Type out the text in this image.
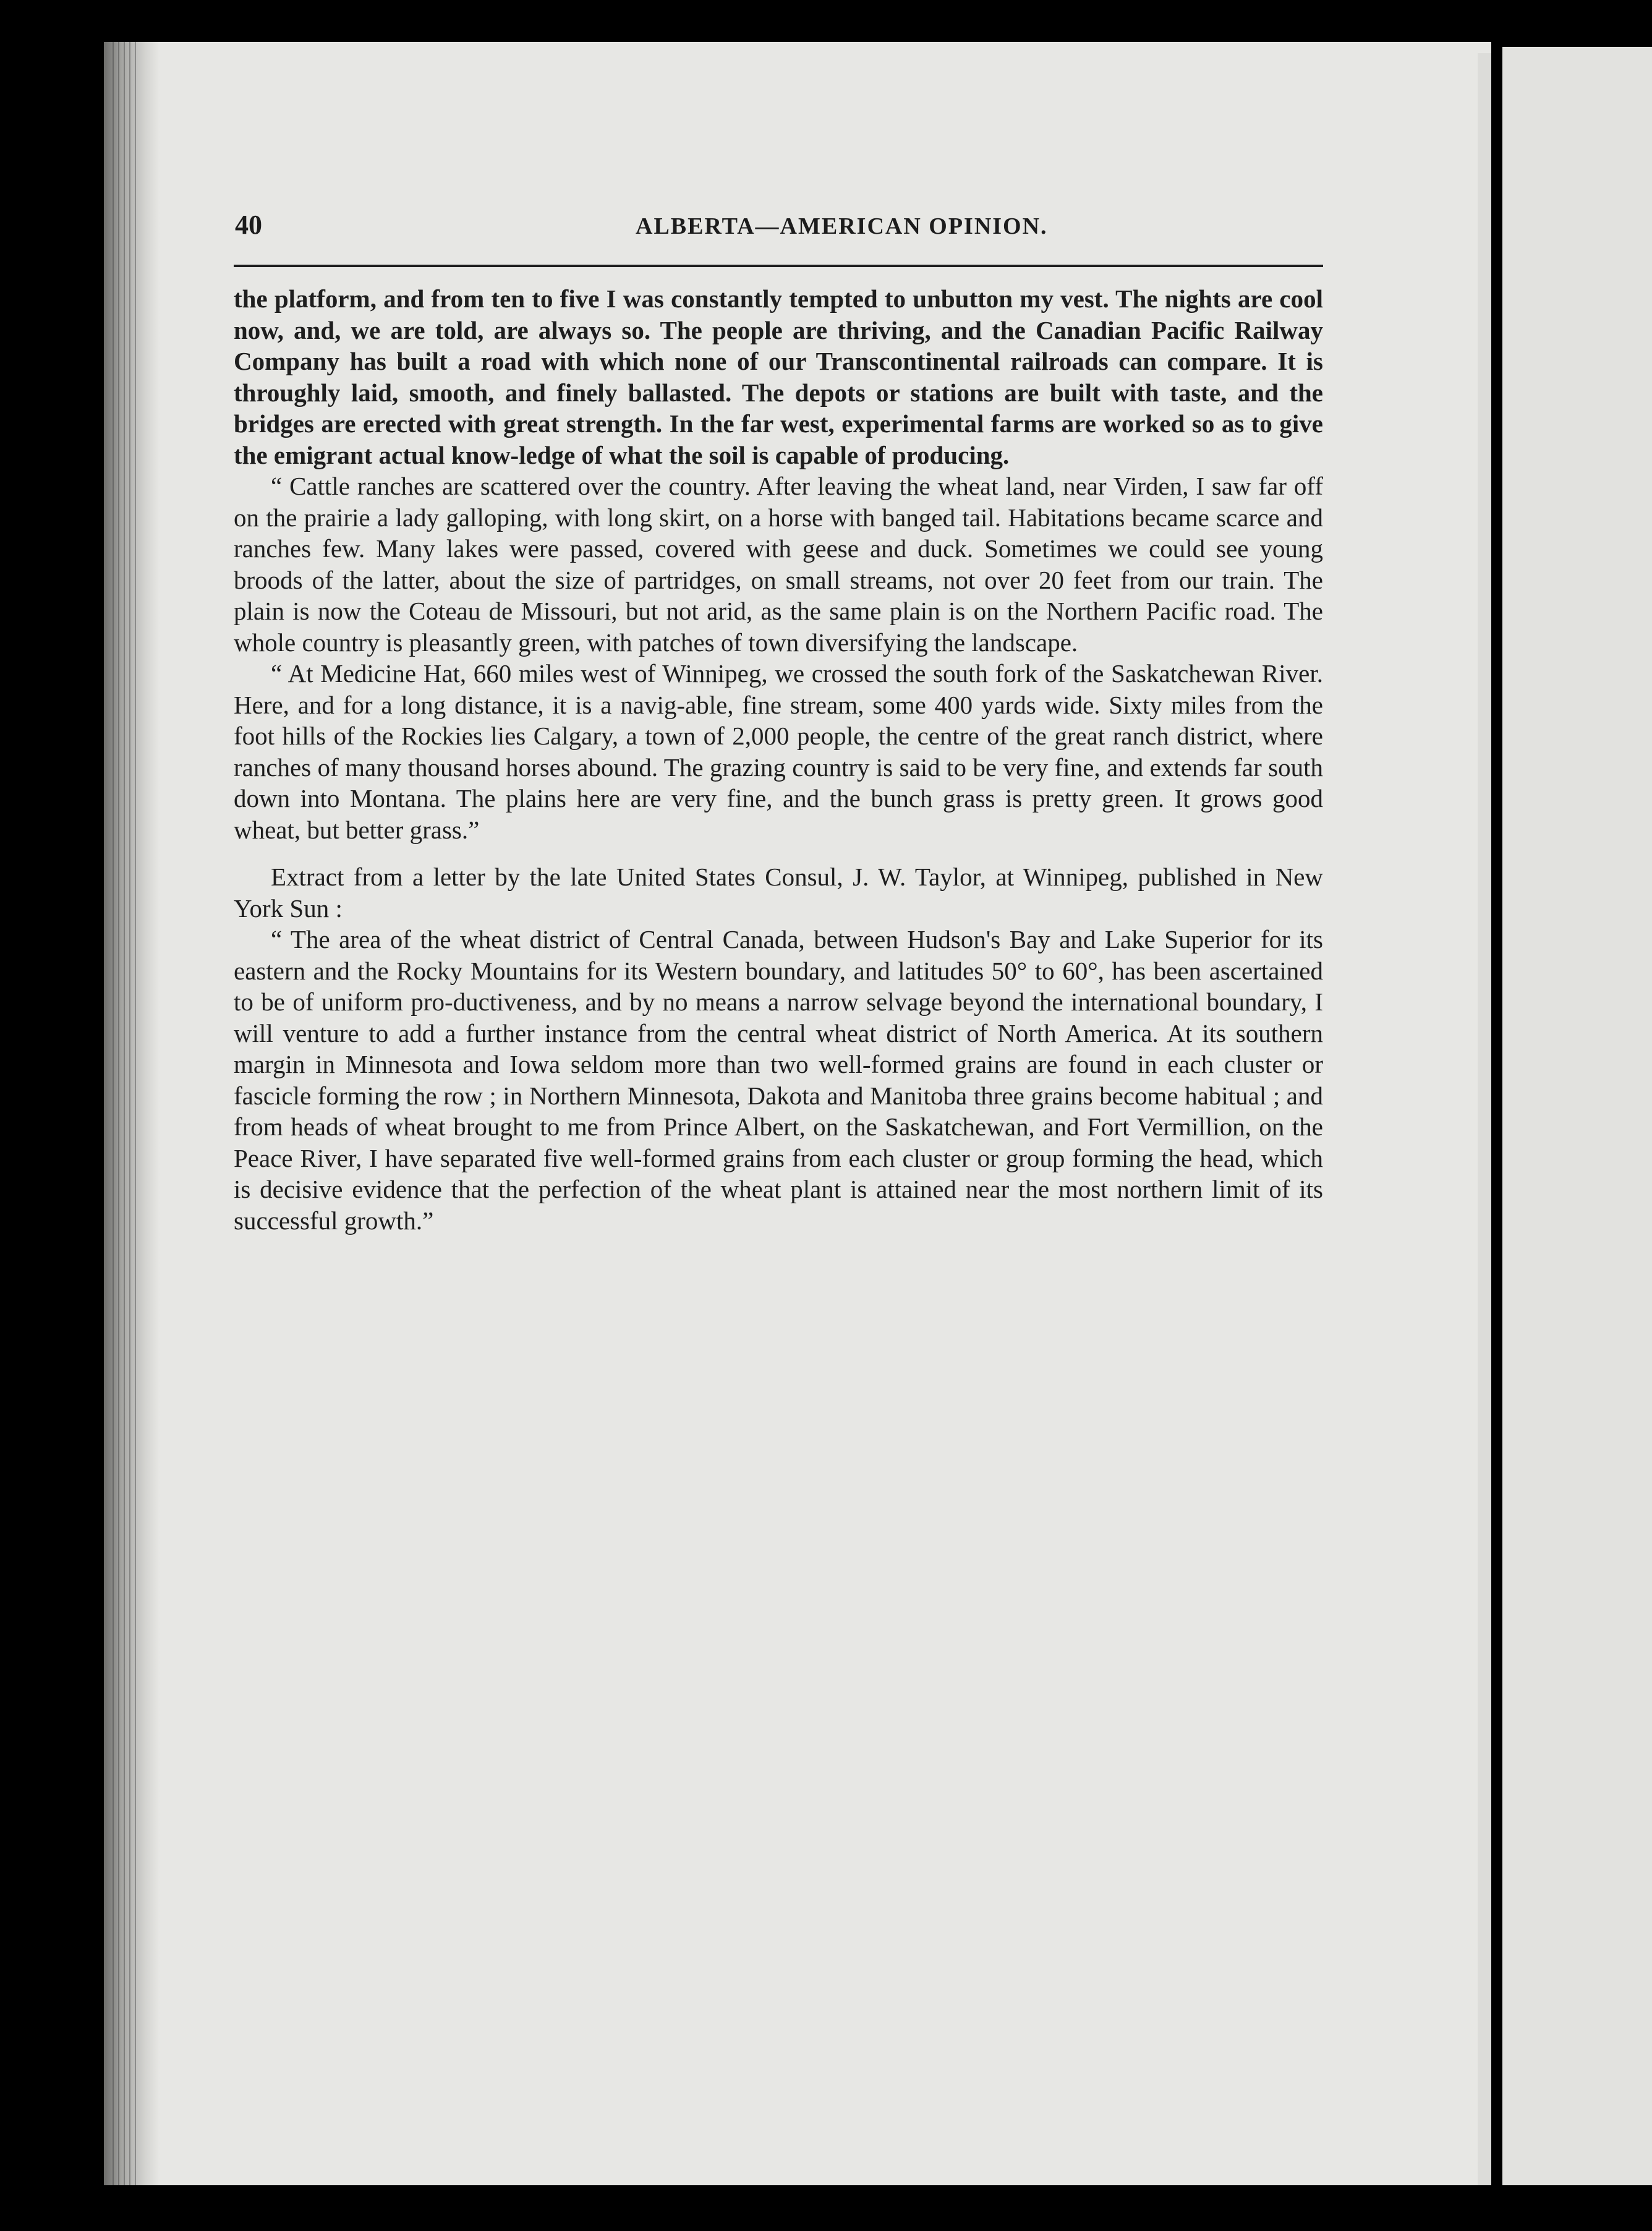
40	ALBERTA—AMERICAN OPINION.

the platform, and from ten to five I was constantly tempted to unbutton my vest. The nights are cool now, and, we are told, are always so. The people are thriving, and the Canadian Pacific Railway Company has built a road with which none of our Transcontinental railroads can compare. It is throughly laid, smooth, and finely ballasted. The depots or stations are built with taste, and the bridges are erected with great strength. In the far west, experimental farms are worked so as to give the emigrant actual know-ledge of what the soil is capable of producing.

“ Cattle ranches are scattered over the country. After leaving the wheat land, near Virden, I saw far off on the prairie a lady galloping, with long skirt, on a horse with banged tail. Habitations became scarce and ranches few. Many lakes were passed, covered with geese and duck. Sometimes we could see young broods of the latter, about the size of partridges, on small streams, not over 20 feet from our train. The plain is now the Coteau de Missouri, but not arid, as the same plain is on the Northern Pacific road. The whole country is pleasantly green, with patches of town diversifying the landscape.

“ At Medicine Hat, 660 miles west of Winnipeg, we crossed the south fork of the Saskatchewan River. Here, and for a long distance, it is a navig-able, fine stream, some 400 yards wide. Sixty miles from the foot hills of the Rockies lies Calgary, a town of 2,000 people, the centre of the great ranch district, where ranches of many thousand horses abound. The grazing country is said to be very fine, and extends far south down into Montana. The plains here are very fine, and the bunch grass is pretty green. It grows good wheat, but better grass.”

Extract from a letter by the late United States Consul, J. W. Taylor, at Winnipeg, published in New York Sun :

“ The area of the wheat district of Central Canada, between Hudson's Bay and Lake Superior for its eastern and the Rocky Mountains for its Western boundary, and latitudes 50° to 60°, has been ascertained to be of uniform pro-ductiveness, and by no means a narrow selvage beyond the international boundary, I will venture to add a further instance from the central wheat district of North America. At its southern margin in Minnesota and Iowa seldom more than two well-formed grains are found in each cluster or fascicle forming the row ; in Northern Minnesota, Dakota and Manitoba three grains become habitual ; and from heads of wheat brought to me from Prince Albert, on the Saskatchewan, and Fort Vermillion, on the Peace River, I have separated five well-formed grains from each cluster or group forming the head, which is decisive evidence that the perfection of the wheat plant is attained near the most northern limit of its successful growth.”
